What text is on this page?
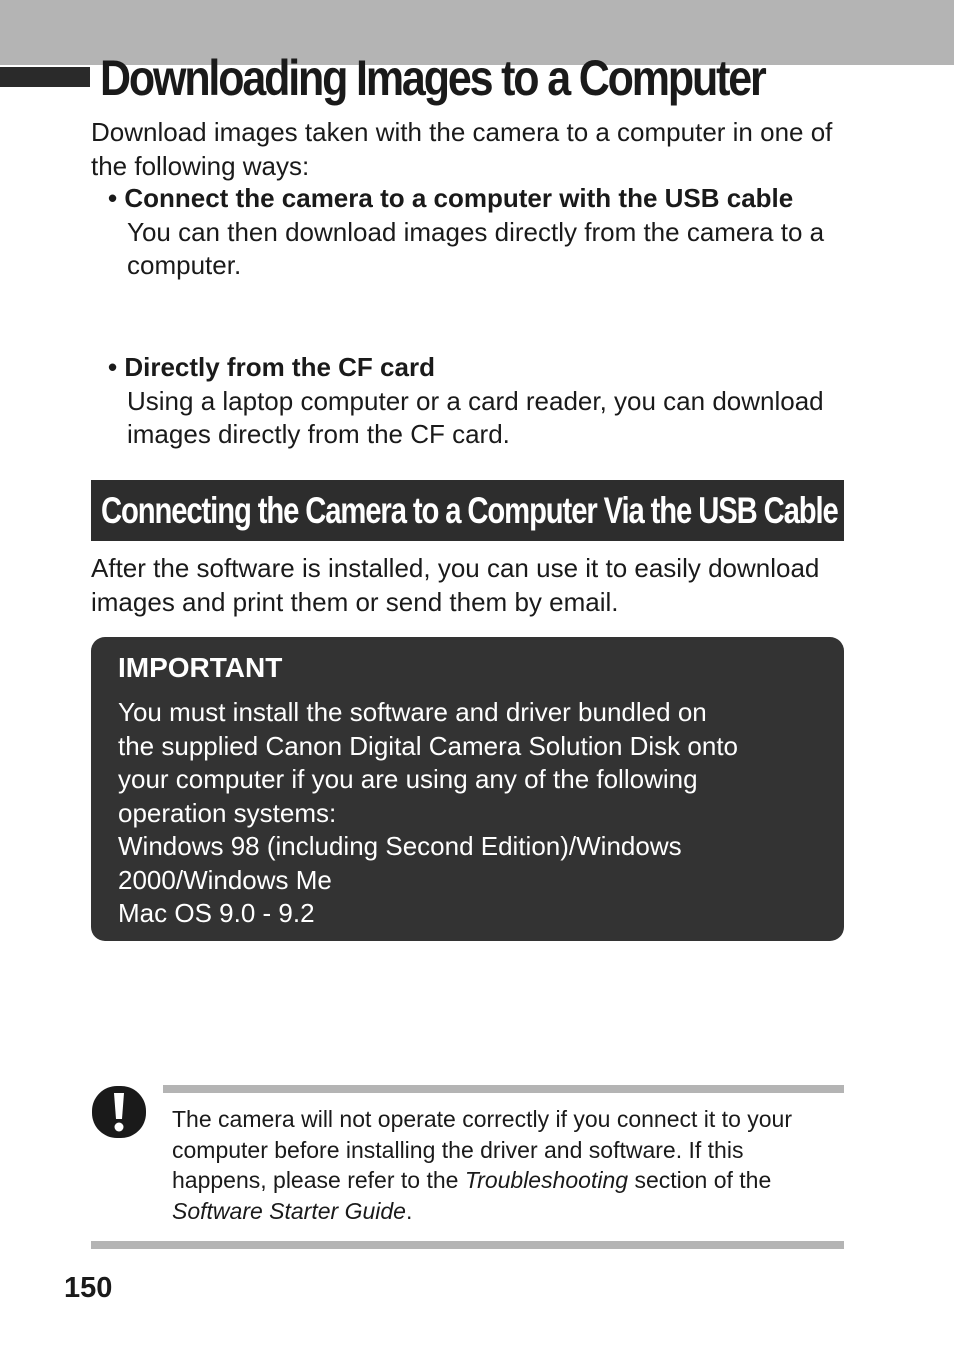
Downloading Images to a Computer

Download images taken with the camera to a computer in one of the following ways:

• Connect the camera to a computer with the USB cable
You can then download images directly from the camera to a computer.
• Directly from the CF card
Using a laptop computer or a card reader, you can download images directly from the CF card.
Connecting the Camera to a Computer Via the USB Cable

After the software is installed, you can use it to easily download images and print them or send them by email.

IMPORTANT
You must install the software and driver bundled on
the supplied Canon Digital Camera Solution Disk onto
your computer if you are using any of the following
operation systems:
Windows 98 (including Second Edition)/Windows
2000/Windows Me
Mac OS 9.0 - 9.2

The camera will not operate correctly if you connect it to your computer before installing the driver and software. If this happens, please refer to the Troubleshooting section of the Software Starter Guide.

150
